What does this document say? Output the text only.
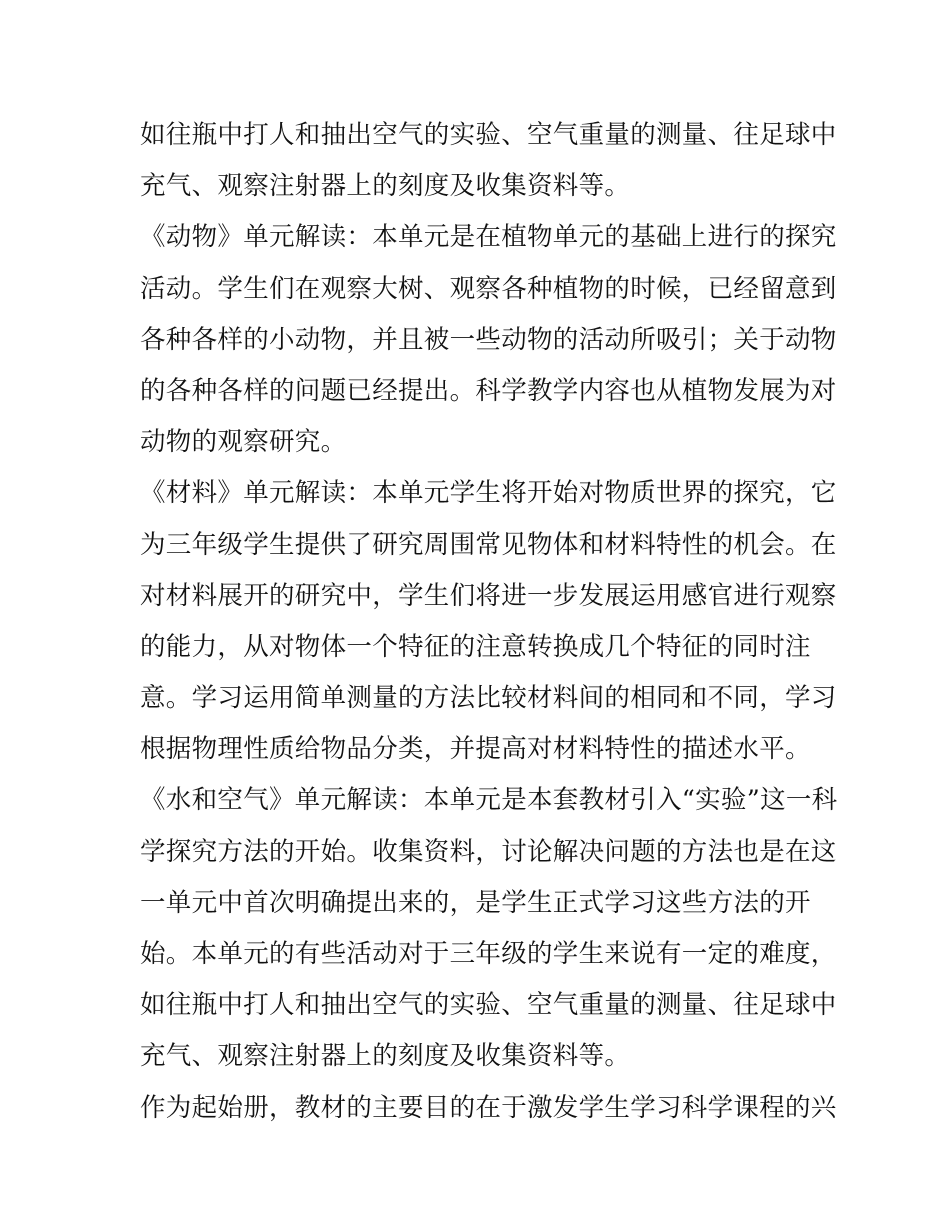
如往瓶中打人和抽出空气的实验、空气重量的测量、往足球中
充气、观察注射器上的刻度及收集资料等。
《动物》单元解读：本单元是在植物单元的基础上进行的探究
活动。学生们在观察大树、观察各种植物的时候，已经留意到
各种各样的小动物，并且被一些动物的活动所吸引；关于动物
的各种各样的问题已经提出。科学教学内容也从植物发展为对
动物的观察研究。
《材料》单元解读：本单元学生将开始对物质世界的探究，它
为三年级学生提供了研究周围常见物体和材料特性的机会。在
对材料展开的研究中，学生们将进一步发展运用感官进行观察
的能力，从对物体一个特征的注意转换成几个特征的同时注
意。学习运用简单测量的方法比较材料间的相同和不同，学习
根据物理性质给物品分类，并提高对材料特性的描述水平。
《水和空气》单元解读：本单元是本套教材引入“实验”这一科
学探究方法的开始。收集资料，讨论解决问题的方法也是在这
一单元中首次明确提出来的，是学生正式学习这些方法的开
始。本单元的有些活动对于三年级的学生来说有一定的难度，
如往瓶中打人和抽出空气的实验、空气重量的测量、往足球中
充气、观察注射器上的刻度及收集资料等。
作为起始册，教材的主要目的在于激发学生学习科学课程的兴
